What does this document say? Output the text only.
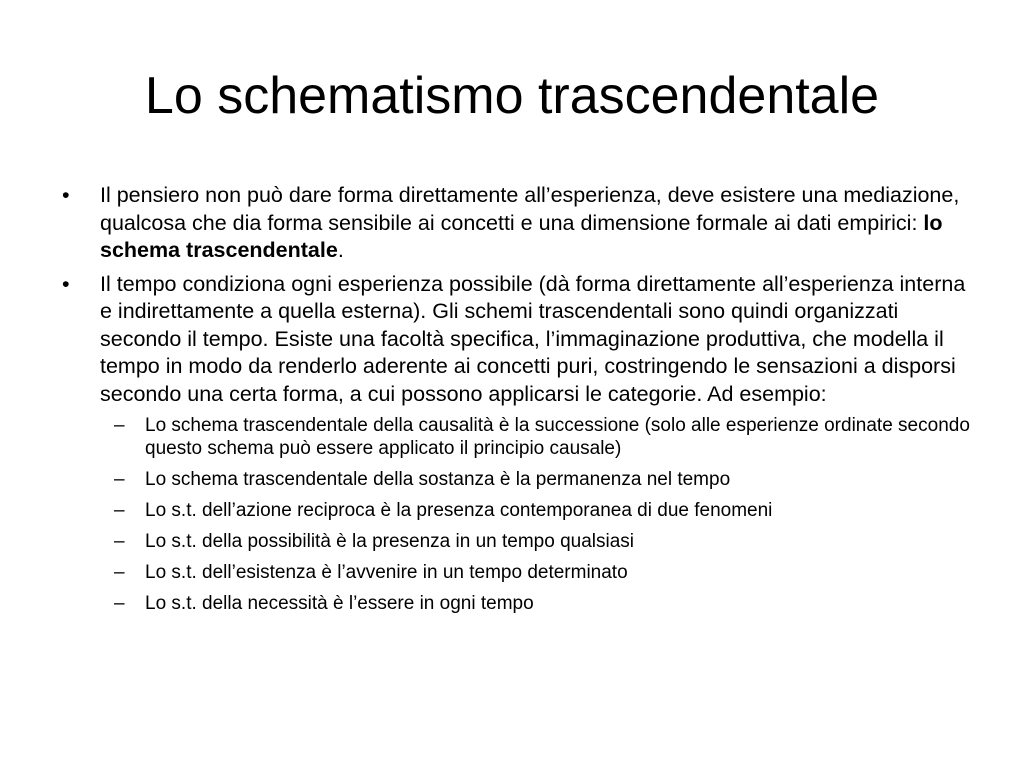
Lo schematismo trascendentale
•	Il pensiero non può dare forma direttamente all’esperienza, deve esistere una mediazione, qualcosa che dia forma sensibile ai concetti e una dimensione formale ai dati empirici: lo schema trascendentale.
•	Il tempo condiziona ogni esperienza possibile (dà forma direttamente all’esperienza interna e indirettamente a quella esterna). Gli schemi trascendentali sono quindi organizzati secondo il tempo. Esiste una facoltà specifica, l’immaginazione produttiva, che modella il tempo in modo da renderlo aderente ai concetti puri, costringendo le sensazioni a disporsi secondo una certa forma, a cui possono applicarsi le categorie. Ad esempio:
–	Lo schema trascendentale della causalità è la successione (solo alle esperienze ordinate secondo questo schema può essere applicato il principio causale)
–	Lo schema trascendentale della sostanza è la permanenza nel tempo
–	Lo s.t. dell’azione reciproca è la presenza contemporanea di due fenomeni
–	Lo s.t. della possibilità è la presenza in un tempo qualsiasi
–	Lo s.t. dell’esistenza è l’avvenire in un tempo determinato
–	Lo s.t. della necessità è l’essere in ogni tempo
